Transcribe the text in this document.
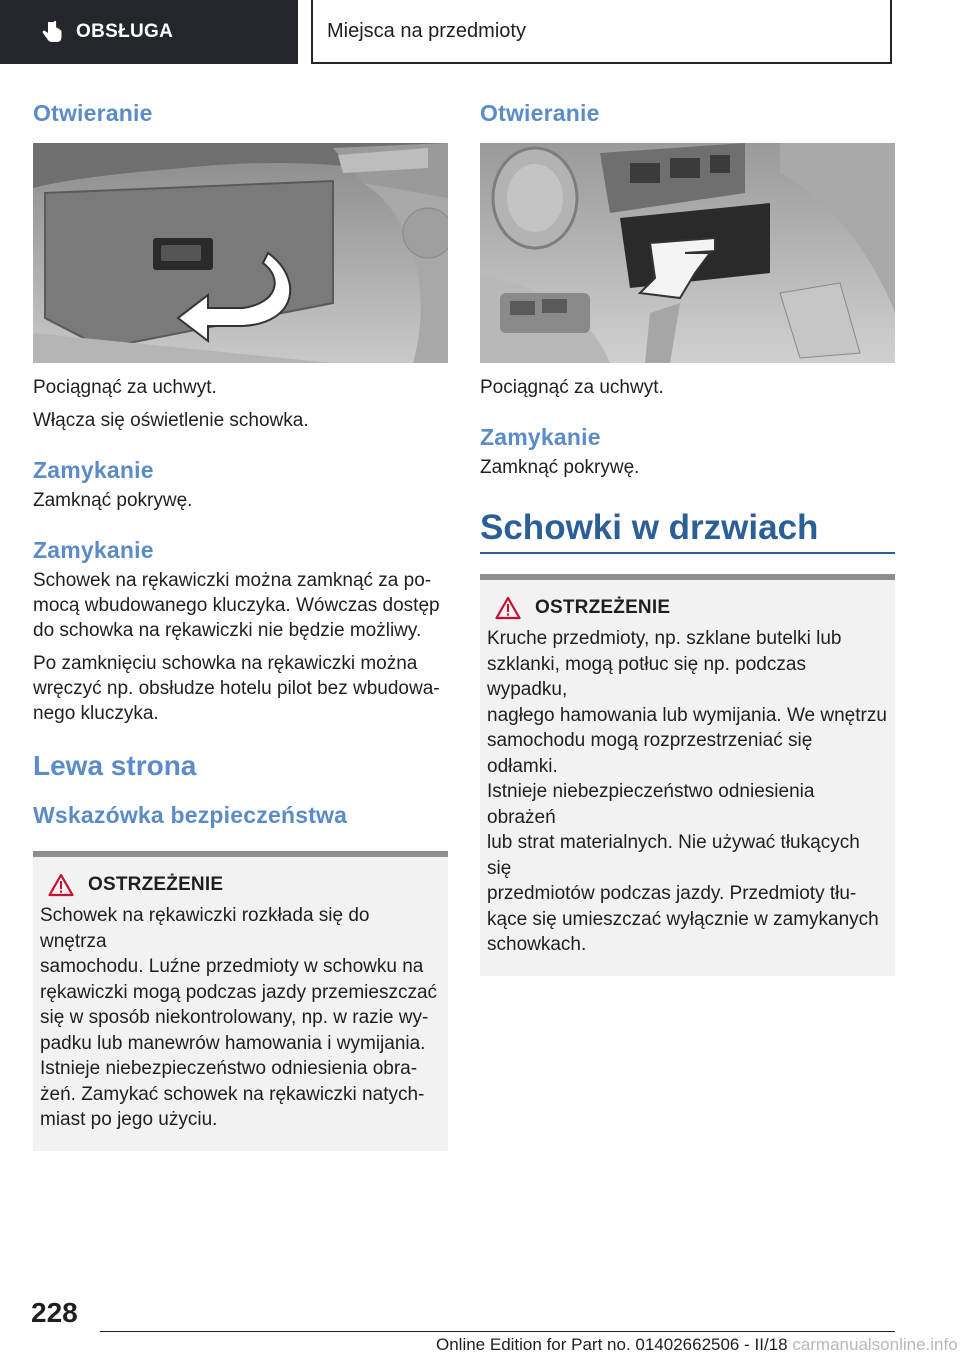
OBSŁUGA	Miejsca na przedmioty
Otwieranie

Pociągnąć za uchwyt.

Włącza się oświetlenie schowka.

Zamykanie

Zamknąć pokrywę.

Zamykanie

Schowek na rękawiczki można zamknąć za po-
mocą wbudowanego kluczyka. Wówczas dostęp
do schowka na rękawiczki nie będzie możliwy.

Po zamknięciu schowka na rękawiczki można
wręczyć np. obsłudze hotelu pilot bez wbudowa-
nego kluczyka.

Lewa strona
Wskazówka bezpieczeństwa
OSTRZEŻENIE

Schowek na rękawiczki rozkłada się do wnętrza
samochodu. Luźne przedmioty w schowku na
rękawiczki mogą podczas jazdy przemieszczać
się w sposób niekontrolowany, np. w razie wy-
padku lub manewrów hamowania i wymijania.
Istnieje niebezpieczeństwo odniesienia obra-
żeń. Zamykać schowek na rękawiczki natych-
miast po jego użyciu.

Otwieranie

Pociągnąć za uchwyt.

Zamykanie

Zamknąć pokrywę.

Schowki w drzwiach
OSTRZEŻENIE

Kruche przedmioty, np. szklane butelki lub
szklanki, mogą potłuc się np. podczas wypadku,
nagłego hamowania lub wymijania. We wnętrzu
samochodu mogą rozprzestrzeniać się odłamki.
Istnieje niebezpieczeństwo odniesienia obrażeń
lub strat materialnych. Nie używać tłukących się
przedmiotów podczas jazdy. Przedmioty tłu-
kące się umieszczać wyłącznie w zamykanych
schowkach.

228
Online Edition for Part no. 01402662506 - II/18 carmanualsonline.info
